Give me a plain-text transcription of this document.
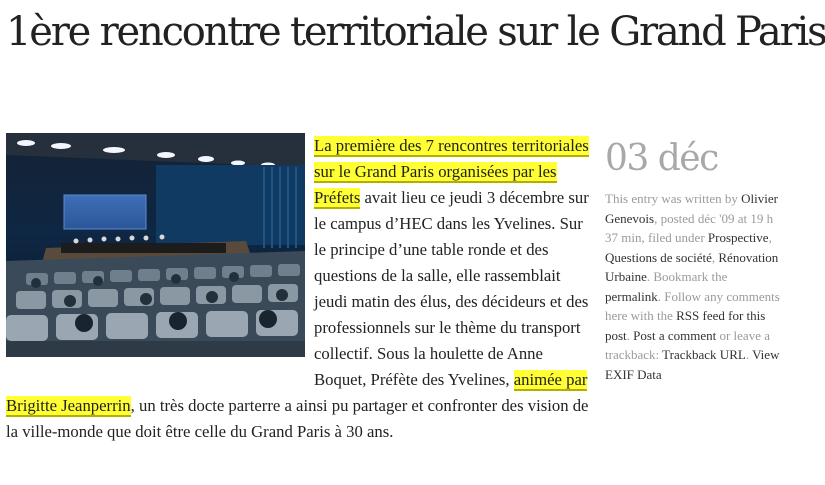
1ère rencontre territoriale sur le Grand Paris

La première des 7 rencontres territoriales sur le Grand Paris organisées par les Préfets avait lieu ce jeudi 3 décembre sur le campus d’HEC dans les Yvelines. Sur le principe d’une table ronde et des questions de la salle, elle rassemblait jeudi matin des élus, des décideurs et des professionnels sur le thème du transport collectif. Sous la houlette de Anne Boquet, Préfète des Yvelines, animée par Brigitte Jeanperrin, un très docte parterre a ainsi pu partager et confronter des vision de la ville-monde que doit être celle du Grand Paris à 30 ans.

03 déc
This entry was written by Olivier Genevois, posted déc '09 at 19 h 37 min, filed under Prospective, Questions de société, Rénovation Urbaine. Bookmark the permalink. Follow any comments here with the RSS feed for this post. Post a comment or leave a trackback: Trackback URL. View EXIF Data
